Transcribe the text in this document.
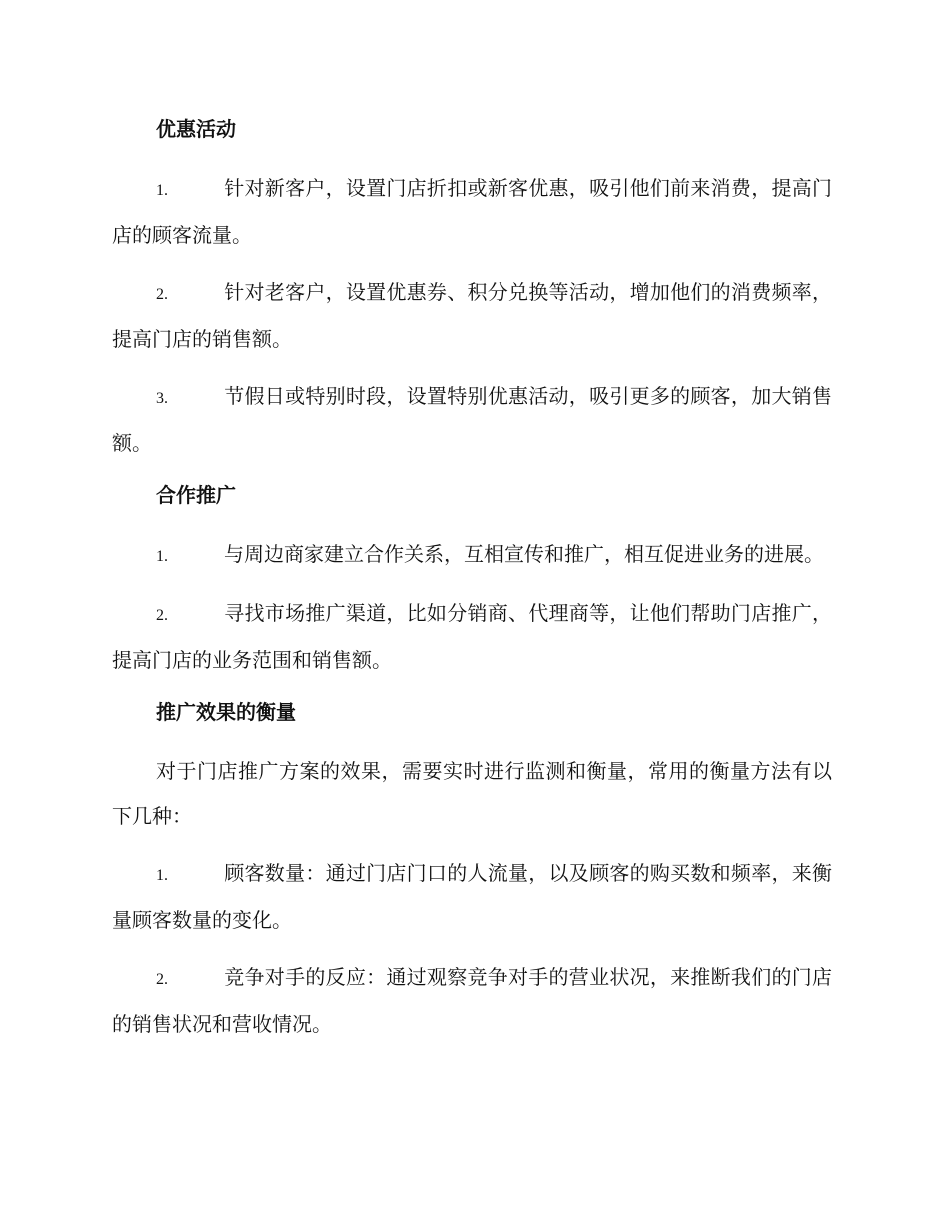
优惠活动

1.	针对新客户，设置门店折扣或新客优惠，吸引他们前来消费，提高门店的顾客流量。

2.	针对老客户，设置优惠券、积分兑换等活动，增加他们的消费频率，提高门店的销售额。

3.	节假日或特别时段，设置特别优惠活动，吸引更多的顾客，加大销售额。

合作推广

1.	与周边商家建立合作关系，互相宣传和推广，相互促进业务的进展。

2.	寻找市场推广渠道，比如分销商、代理商等，让他们帮助门店推广，提高门店的业务范围和销售额。

推广效果的衡量

对于门店推广方案的效果，需要实时进行监测和衡量，常用的衡量方法有以下几种：

1.	顾客数量：通过门店门口的人流量，以及顾客的购买数和频率，来衡量顾客数量的变化。

2.	竞争对手的反应：通过观察竞争对手的营业状况，来推断我们的门店的销售状况和营收情况。
